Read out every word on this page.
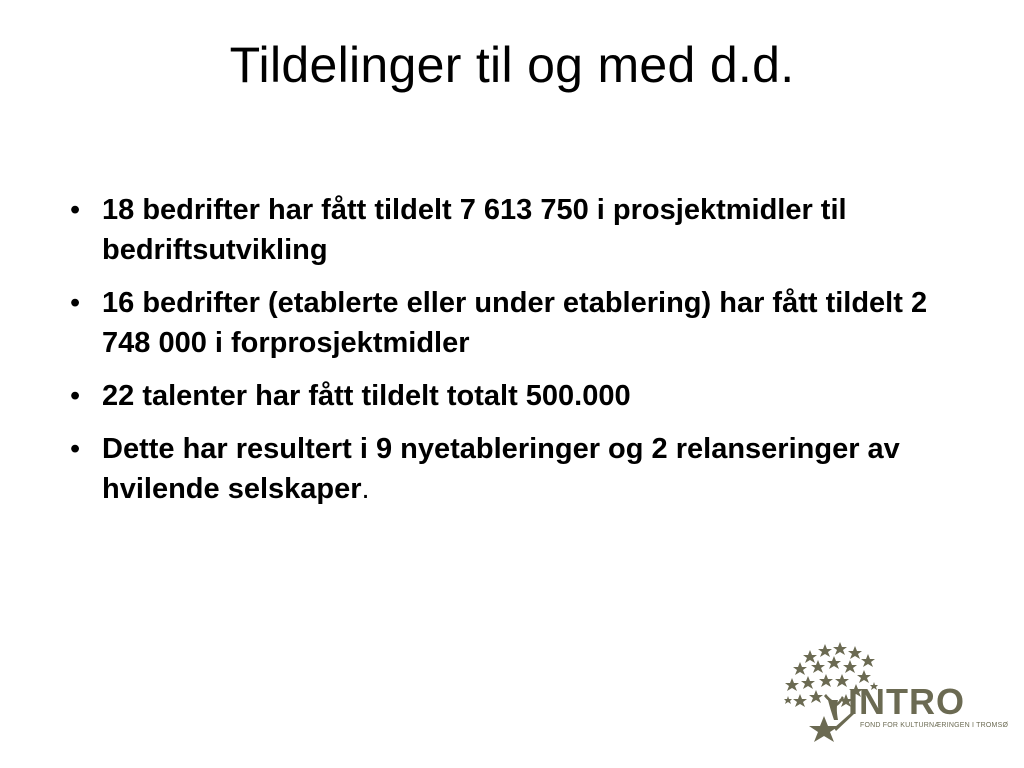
Tildelinger til og med d.d.
• 18 bedrifter har fått tildelt 7 613 750 i prosjektmidler til bedriftsutvikling
• 16 bedrifter (etablerte eller under etablering) har fått tildelt 2 748 000 i forprosjektmidler
• 22 talenter har fått tildelt totalt 500.000
• Dette har resultert i 9 nyetableringer og 2 relanseringer av hvilende selskaper.
INTRO
FOND FOR KULTURNÆRINGEN I TROMSØ
